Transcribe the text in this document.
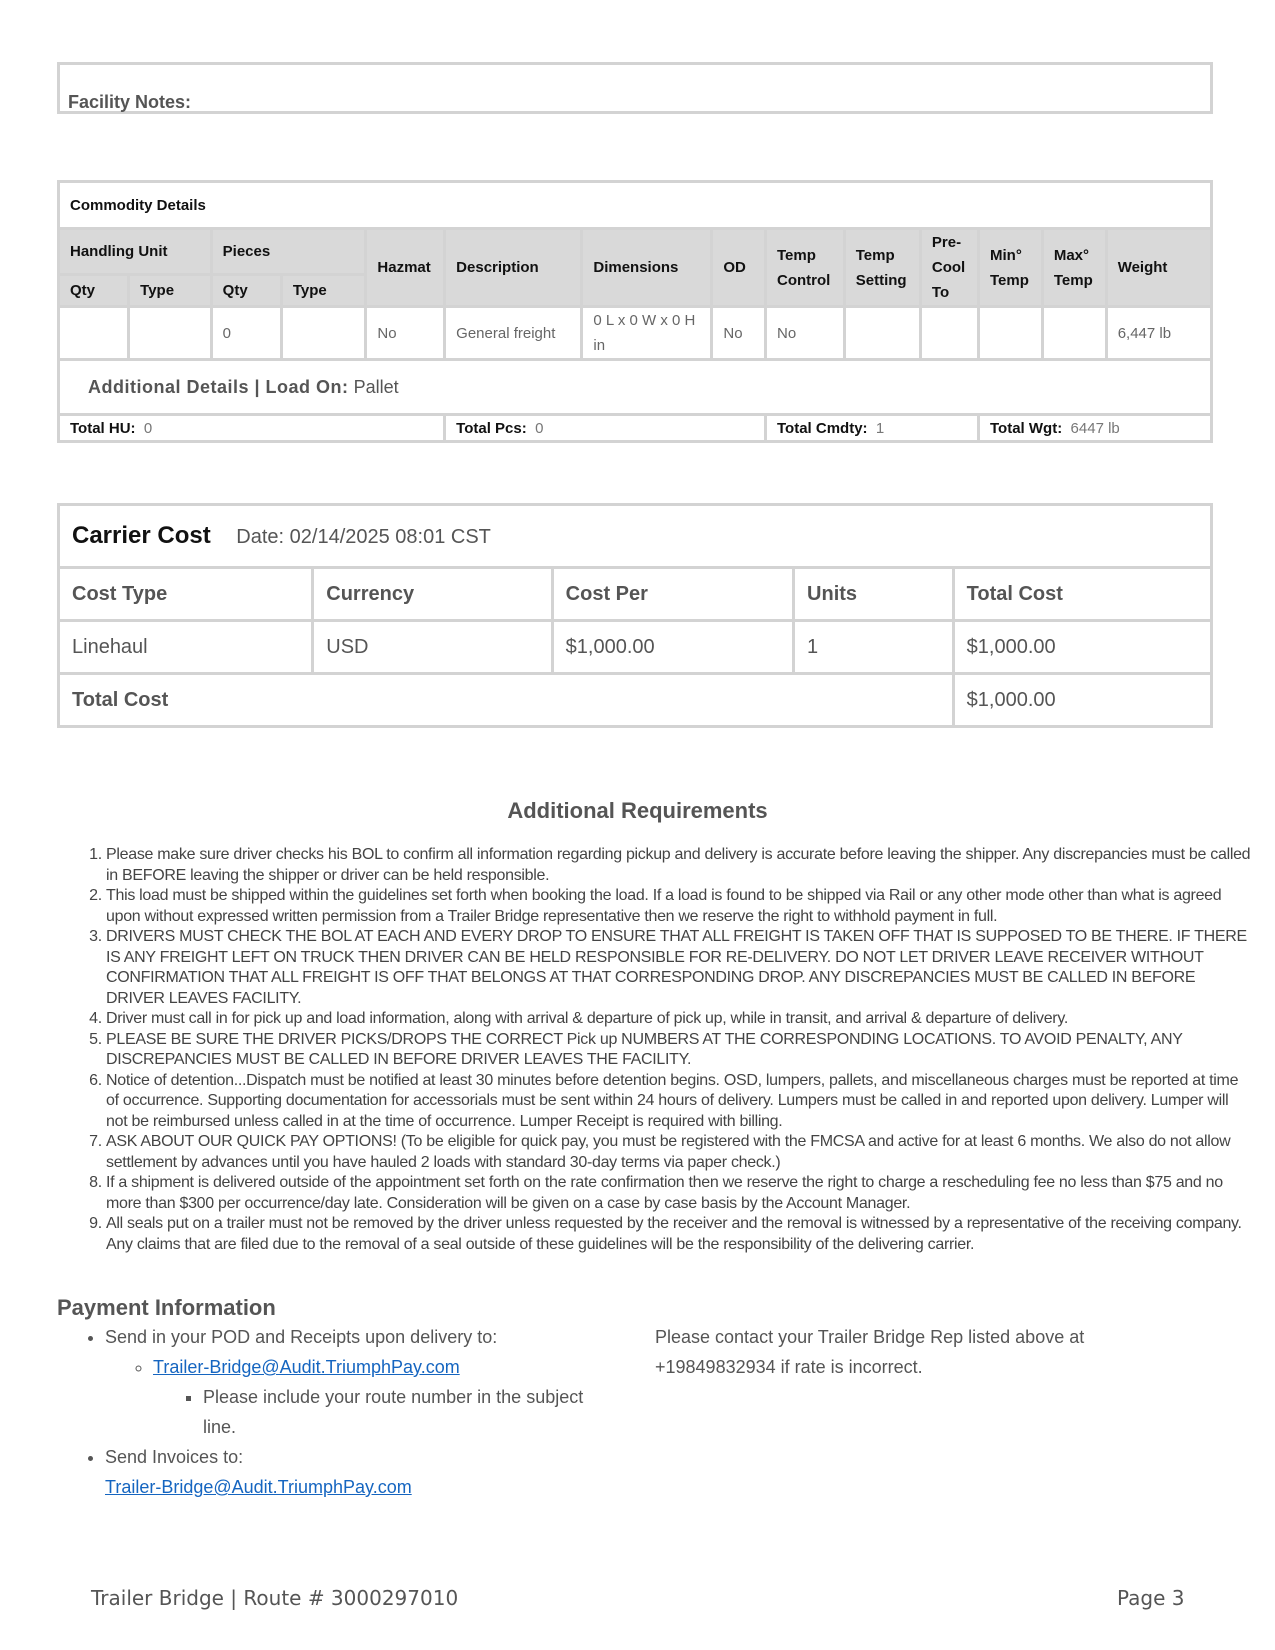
Facility Notes:
Commodity Details													
Handling Unit		Pieces		Hazmat	Description	Dimensions	OD	Temp Control	Temp Setting	Pre-Cool To	Min° Temp	Max° Temp	Weight
Qty	Type	Qty	Type										
		0		No	General freight	0 L x 0 W x 0 H in	No	No					6,447 lb
Additional Details | Load On: Pallet													
Total HU: 0					Total Pcs: 0			Total Cmdty: 1			Total Wgt: 6447 lb		
Carrier Cost Date: 02/14/2025 08:01 CST				
Cost Type	Currency	Cost Per	Units	Total Cost
Linehaul	USD	$1,000.00	1	$1,000.00
Total Cost				$1,000.00
Additional Requirements
1. Please make sure driver checks his BOL to confirm all information regarding pickup and delivery is accurate before leaving the shipper. Any discrepancies must be called in BEFORE leaving the shipper or driver can be held responsible.
2. This load must be shipped within the guidelines set forth when booking the load. If a load is found to be shipped via Rail or any other mode other than what is agreed upon without expressed written permission from a Trailer Bridge representative then we reserve the right to withhold payment in full.
3. DRIVERS MUST CHECK THE BOL AT EACH AND EVERY DROP TO ENSURE THAT ALL FREIGHT IS TAKEN OFF THAT IS SUPPOSED TO BE THERE. IF THERE IS ANY FREIGHT LEFT ON TRUCK THEN DRIVER CAN BE HELD RESPONSIBLE FOR RE-DELIVERY. DO NOT LET DRIVER LEAVE RECEIVER WITHOUT CONFIRMATION THAT ALL FREIGHT IS OFF THAT BELONGS AT THAT CORRESPONDING DROP. ANY DISCREPANCIES MUST BE CALLED IN BEFORE DRIVER LEAVES FACILITY.
4. Driver must call in for pick up and load information, along with arrival & departure of pick up, while in transit, and arrival & departure of delivery.
5. PLEASE BE SURE THE DRIVER PICKS/DROPS THE CORRECT Pick up NUMBERS AT THE CORRESPONDING LOCATIONS. TO AVOID PENALTY, ANY DISCREPANCIES MUST BE CALLED IN BEFORE DRIVER LEAVES THE FACILITY.
6. Notice of detention...Dispatch must be notified at least 30 minutes before detention begins. OSD, lumpers, pallets, and miscellaneous charges must be reported at time of occurrence. Supporting documentation for accessorials must be sent within 24 hours of delivery. Lumpers must be called in and reported upon delivery. Lumper will not be reimbursed unless called in at the time of occurrence. Lumper Receipt is required with billing.
7. ASK ABOUT OUR QUICK PAY OPTIONS! (To be eligible for quick pay, you must be registered with the FMCSA and active for at least 6 months. We also do not allow settlement by advances until you have hauled 2 loads with standard 30-day terms via paper check.)
8. If a shipment is delivered outside of the appointment set forth on the rate confirmation then we reserve the right to charge a rescheduling fee no less than $75 and no more than $300 per occurrence/day late. Consideration will be given on a case by case basis by the Account Manager.
9. All seals put on a trailer must not be removed by the driver unless requested by the receiver and the removal is witnessed by a representative of the receiving company. Any claims that are filed due to the removal of a seal outside of these guidelines will be the responsibility of the delivering carrier.
Payment Information
• Send in your POD and Receipts upon delivery to:
◦ Trailer-Bridge@Audit.TriumphPay.com
▪ Please include your route number in the subject line.
• Send Invoices to:
Trailer-Bridge@Audit.TriumphPay.com
Please contact your Trailer Bridge Rep listed above at +19849832934 if rate is incorrect.
Trailer Bridge | Route # 3000297010	Page 3
